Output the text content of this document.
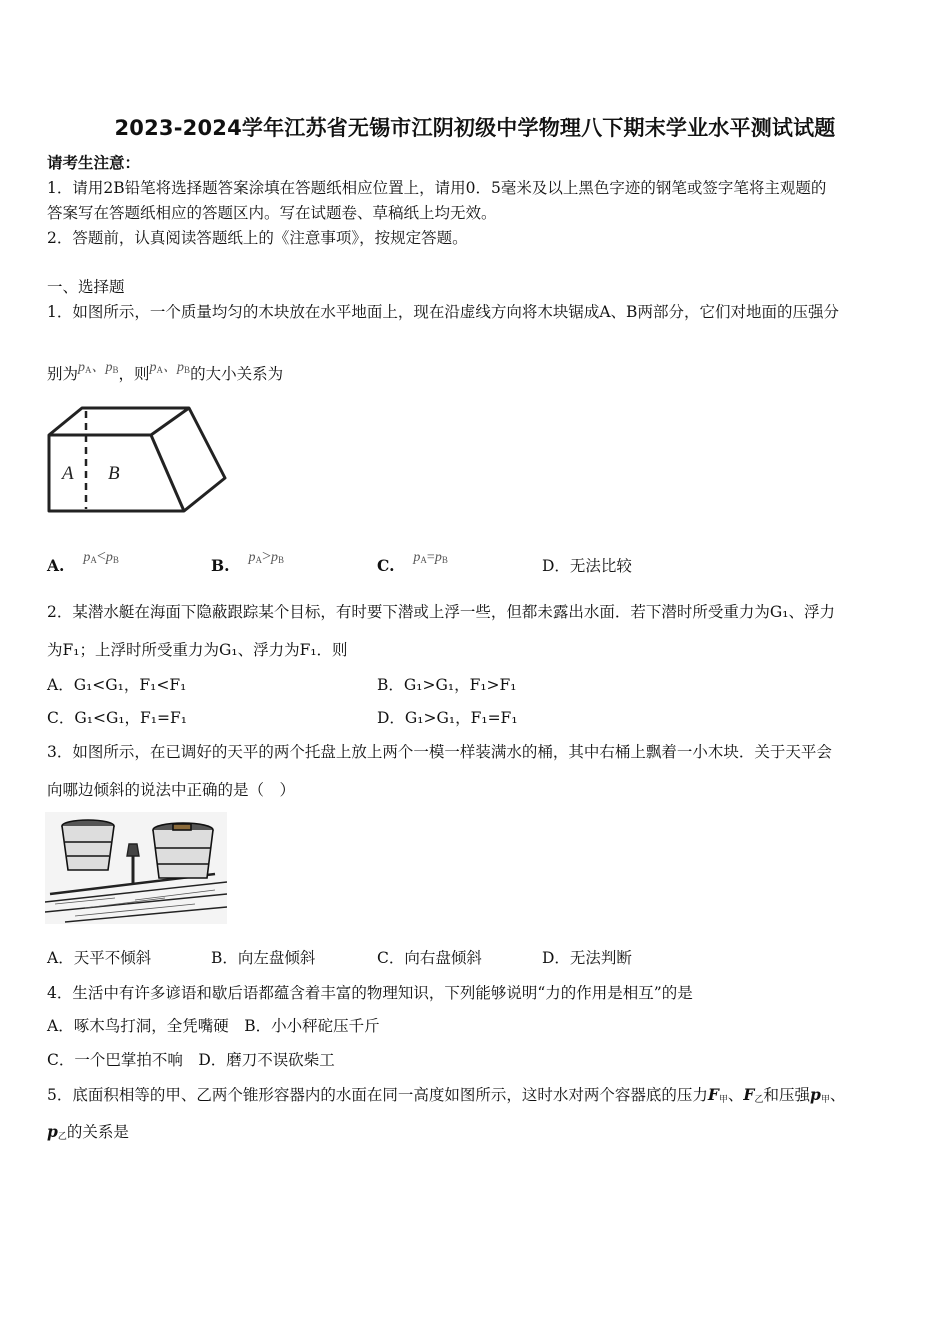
2023-2024学年江苏省无锡市江阴初级中学物理八下期末学业水平测试试题
请考生注意：
1．请用2B铅笔将选择题答案涂填在答题纸相应位置上，请用0．5毫米及以上黑色字迹的钢笔或签字笔将主观题的
答案写在答题纸相应的答题区内。写在试题卷、草稿纸上均无效。
2．答题前，认真阅读答题纸上的《注意事项》，按规定答题。
一、选择题
1．如图所示，一个质量均匀的木块放在水平地面上，现在沿虚线方向将木块锯成A、B两部分，它们对地面的压强分
别为$p_A$、$p_B$，则$p_A$、$p_B$的大小关系为
A B
A. $p_A<p_B$	B. $p_A>p_B$	C. $p_A=p_B$	D．无法比较
2．某潜水艇在海面下隐蔽跟踪某个目标，有时要下潜或上浮一些，但都未露出水面．若下潜时所受重力为G₁、浮力
为F₁；上浮时所受重力为G₁、浮力为F₁．则
A．G₁<G₁，F₁<F₁	B．G₁>G₁，F₁>F₁
C．G₁<G₁，F₁=F₁	D．G₁>G₁，F₁=F₁
3．如图所示，在已调好的天平的两个托盘上放上两个一模一样装满水的桶，其中右桶上飘着一小木块．关于天平会
向哪边倾斜的说法中正确的是（　）
A．天平不倾斜	B．向左盘倾斜	C．向右盘倾斜	D．无法判断
4．生活中有许多谚语和歇后语都蕴含着丰富的物理知识，下列能够说明“力的作用是相互”的是
A．啄木鸟打洞，全凭嘴硬　B．小小秤砣压千斤
C．一个巴掌拍不响　D．磨刀不误砍柴工
5．底面积相等的甲、乙两个锥形容器内的水面在同一高度如图所示，这时水对两个容器底的压力$F_甲$、$F_乙$和压强$p_甲$、
$p_乙$的关系是
